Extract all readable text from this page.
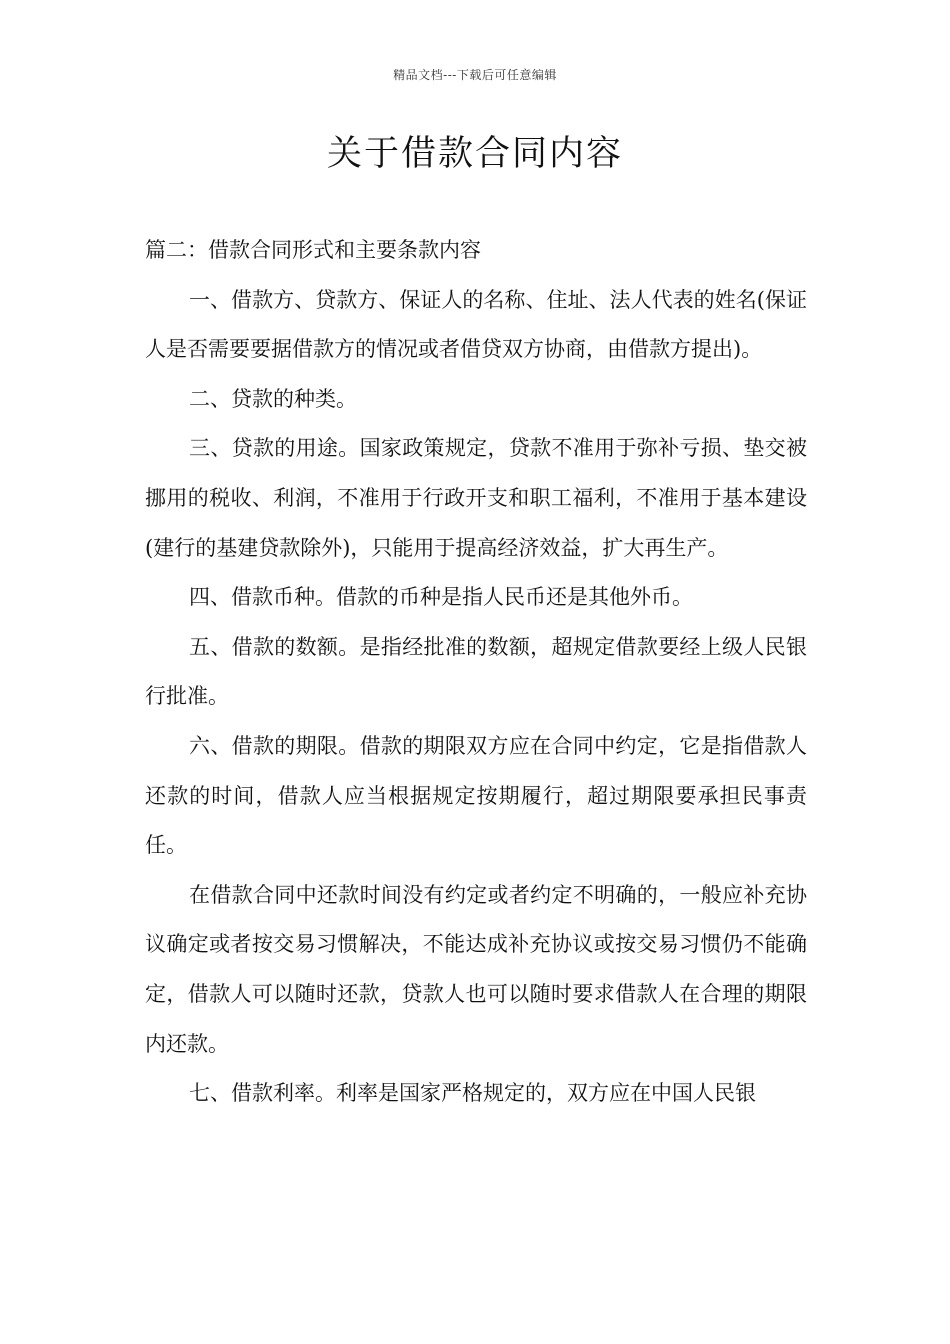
精品文档---下载后可任意编辑
关于借款合同内容

篇二：借款合同形式和主要条款内容

一、借款方、贷款方、保证人的名称、住址、法人代表的姓名(保证人是否需要要据借款方的情况或者借贷双方协商，由借款方提出)。

二、贷款的种类。

三、贷款的用途。国家政策规定，贷款不准用于弥补亏损、垫交被挪用的税收、利润，不准用于行政开支和职工福利，不准用于基本建设(建行的基建贷款除外)，只能用于提高经济效益，扩大再生产。

四、借款币种。借款的币种是指人民币还是其他外币。

五、借款的数额。是指经批准的数额，超规定借款要经上级人民银行批准。

六、借款的期限。借款的期限双方应在合同中约定，它是指借款人还款的时间，借款人应当根据规定按期履行，超过期限要承担民事责任。

在借款合同中还款时间没有约定或者约定不明确的，一般应补充协议确定或者按交易习惯解决，不能达成补充协议或按交易习惯仍不能确定，借款人可以随时还款，贷款人也可以随时要求借款人在合理的期限内还款。

七、借款利率。利率是国家严格规定的，双方应在中国人民银
